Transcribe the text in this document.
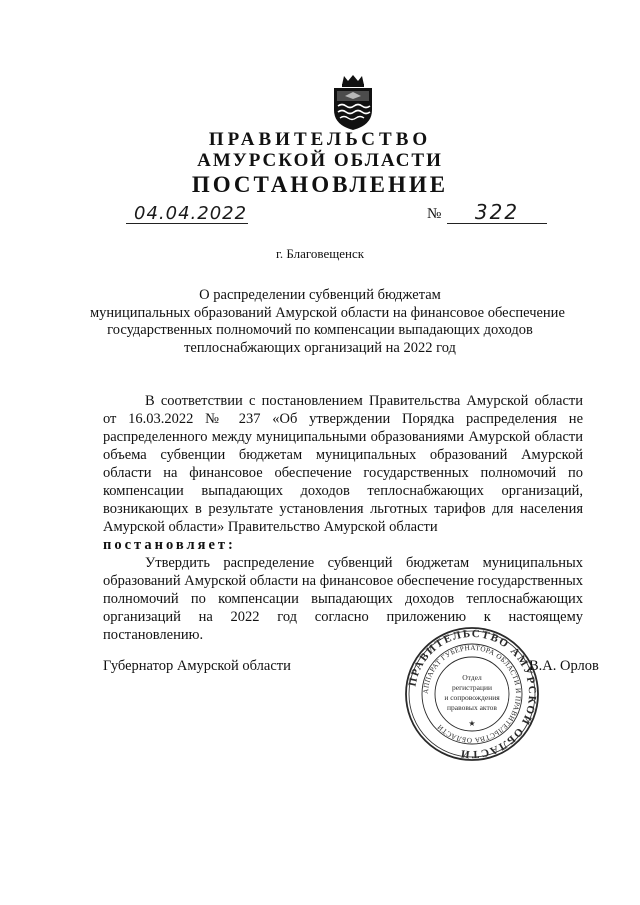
ПРАВИТЕЛЬСТВО
АМУРСКОЙ ОБЛАСТИ
ПОСТАНОВЛЕНИЕ
04.04.2022	№	322
г. Благовещенск
О распределении субвенций бюджетам
муниципальных образований Амурской области на финансовое обеспечение
государственных полномочий по компенсации выпадающих доходов
теплоснабжающих организаций на 2022 год

В соответствии с постановлением Правительства Амурской области от 16.03.2022 № 237 «Об утверждении Порядка распределения не распределенного между муниципальными образованиями Амурской области объема субвенции бюджетам муниципальных образований Амурской области на финансовое обеспечение государственных полномочий по компенсации выпадающих доходов теплоснабжающих организаций, возникающих в результате установления льготных тарифов для населения Амурской области» Правительство Амурской области

постановляет:

Утвердить распределение субвенций бюджетам муниципальных образований Амурской области на финансовое обеспечение государственных полномочий по компенсации выпадающих доходов теплоснабжающих организаций на 2022 год согласно приложению к настоящему постановлению.

Губернатор Амурской области
ПРАВИТЕЛЬСТВО АМУРСКОЙ ОБЛАСТИ
АППАРАТ ГУБЕРНАТОРА ОБЛАСТИ И ПРАВИТЕЛЬСТВА ОБЛАСТИ
Отдел
регистрации
и сопровождения
правовых актов
★
В.А. Орлов
